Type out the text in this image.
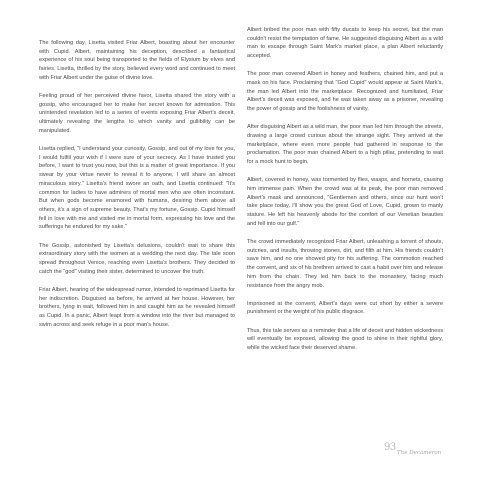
The following day, Lisetta visited Friar Albert, boasting about her encounter with Cupid. Albert, maintaining his deception, described a fantastical experience of his soul being transported to the fields of Elysium by elves and fairies. Lisetta, thrilled by the story, believed every word and continued to meet with Friar Albert under the guise of divine love.

Feeling proud of her perceived divine favor, Lisetta shared the story with a gossip, who encouraged her to make her secret known for admiration. This unintended revelation led to a series of events exposing Friar Albert's deceit, ultimately revealing the lengths to which vanity and gullibility can be manipulated.

Lisetta replied, "I understand your curiosity, Gossip, and out of my love for you, I would fulfill your wish if I were sure of your secrecy. As I have trusted you before, I want to trust you now, but this is a matter of great importance. If you swear by your virtue never to reveal it to anyone, I will share an almost miraculous story." Lisetta's friend swore an oath, and Lisetta continued: "It's common for ladies to have admirers of mortal men who are often inconstant. But when gods become enamored with humans, desiring them above all others, it's a sign of supreme beauty. That's my fortune, Gossip. Cupid himself fell in love with me and visited me in mortal form, expressing his love and the sufferings he endured for my sake."

The Gossip, astonished by Lisetta's delusions, couldn't wait to share this extraordinary story with the women at a wedding the next day. The tale soon spread throughout Venice, reaching even Lisetta's brothers. They decided to catch the "god" visiting their sister, determined to uncover the truth.

Friar Albert, hearing of the widespread rumor, intended to reprimand Lisetta for her indiscretion. Disguised as before, he arrived at her house. However, her brothers, lying in wait, followed him in and caught him as he revealed himself as Cupid. In a panic, Albert leapt from a window into the river but managed to swim across and seek refuge in a poor man's house.

Albert bribed the poor man with fifty ducats to keep his secret, but the man couldn't resist the temptation of fame. He suggested disguising Albert as a wild man to escape through Saint Mark's market place, a plan Albert reluctantly accepted.

The poor man covered Albert in honey and feathers, chained him, and put a mask on his face. Proclaiming that "God Cupid" would appear at Saint Mark's, the man led Albert into the marketplace. Recognized and humiliated, Friar Albert's deceit was exposed, and he was taken away as a prisoner, revealing the power of gossip and the foolishness of vanity.

After disguising Albert as a wild man, the poor man led him through the streets, drawing a large crowd curious about the strange sight. They arrived at the marketplace, where even more people had gathered in response to the proclamation. The poor man chained Albert to a high pillar, pretending to wait for a mock hunt to begin.

Albert, covered in honey, was tormented by flies, wasps, and hornets, causing him immense pain. When the crowd was at its peak, the poor man removed Albert's mask and announced, "Gentlemen and others, since our hunt won't take place today, I'll show you the great God of Love, Cupid, grown to manly stature. He left his heavenly abode for the comfort of our Venetian beauties and fell into our gulf."

The crowd immediately recognized Friar Albert, unleashing a torrent of shouts, outcries, and insults, throwing stones, dirt, and filth at him. His friends couldn't save him, and no one showed pity for his suffering. The commotion reached the convent, and six of his brethren arrived to cast a habit over him and release him from the chain. They led him back to the monastery, facing much resistance from the angry mob.

Imprisoned at the convent, Albert's days were cut short by either a severe punishment or the weight of his public disgrace.

Thus, this tale serves as a reminder that a life of deceit and hidden wickedness will eventually be exposed, allowing the good to shine in their rightful glory, while the wicked face their deserved shame.

93 The Decameron
